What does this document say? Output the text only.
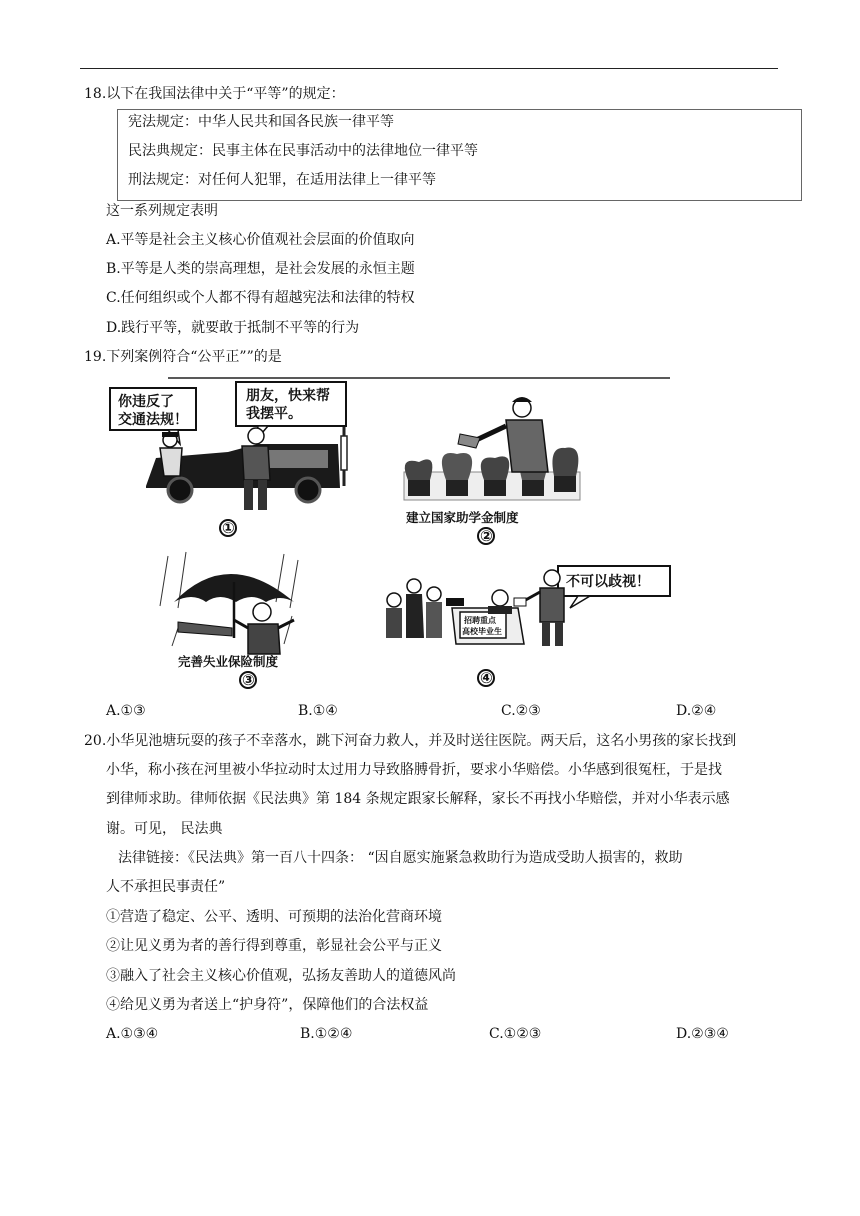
18.以下在我国法律中关于“平等”的规定：
宪法规定：中华人民共和国各民族一律平等
民法典规定：民事主体在民事活动中的法律地位一律平等
刑法规定：对任何人犯罪，在适用法律上一律平等
这一系列规定表明
A.平等是社会主义核心价值观社会层面的价值取向
B.平等是人类的崇高理想，是社会发展的永恒主题
C.任何组织或个人都不得有超越宪法和法律的特权
D.践行平等，就要敢于抵制不平等的行为
19.下列案例符合“公平正””的是
你违反了
交通法规！
朋友，快来帮
我摆平。
①
建立国家助学金制度
②
完善失业保险制度
③
不可以歧视！
招聘重点
高校毕业生
④
A.①③	B.①④	C.②③	D.②④
20.小华见池塘玩耍的孩子不幸落水，跳下河奋力救人，并及时送往医院。两天后，这名小男孩的家长找到
小华，称小孩在河里被小华拉动时太过用力导致胳膊骨折，要求小华赔偿。小华感到很冤枉，于是找
到律师求助。律师依据《民法典》第 184 条规定跟家长解释，家长不再找小华赔偿，并对小华表示感
谢。可见， 民法典
法律链接：《民法典》第一百八十四条： “因自愿实施紧急救助行为造成受助人损害的，救助
人不承担民事责任”
①营造了稳定、公平、透明、可预期的法治化营商环境
②让见义勇为者的善行得到尊重，彰显社会公平与正义
③融入了社会主义核心价值观，弘扬友善助人的道德风尚
④给见义勇为者送上“护身符”，保障他们的合法权益
A.①③④	B.①②④	C.①②③	D.②③④
